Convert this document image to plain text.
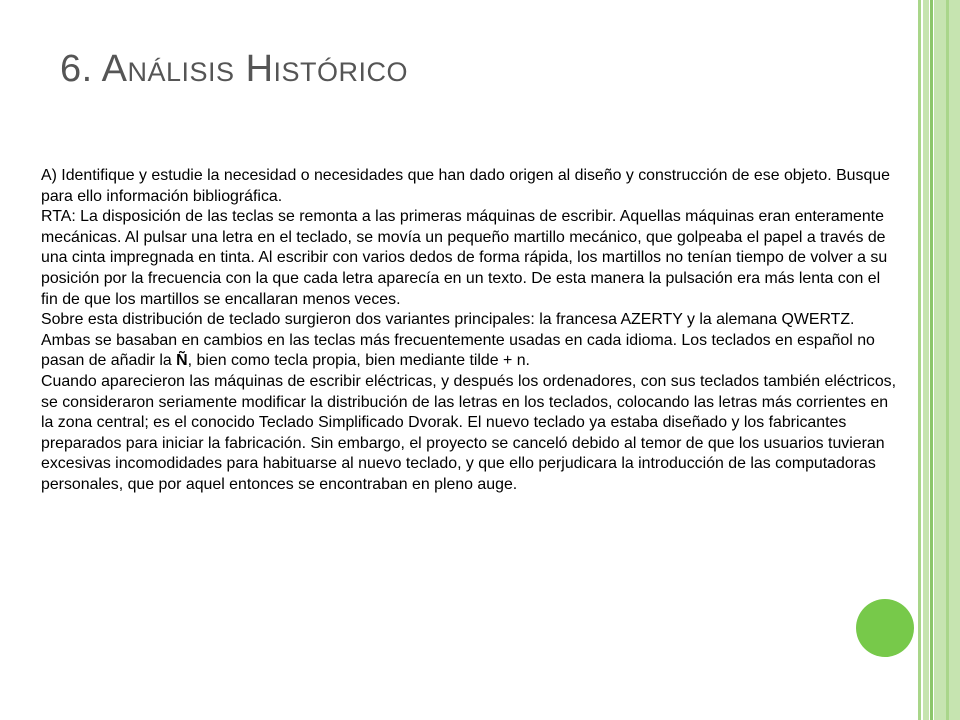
6. Análisis Histórico

A) Identifique y estudie la necesidad o necesidades que han dado origen al diseño y construcción de ese objeto. Busque para ello información bibliográfica.

RTA: La disposición de las teclas se remonta a las primeras máquinas de escribir. Aquellas máquinas eran enteramente mecánicas. Al pulsar una letra en el teclado, se movía un pequeño martillo mecánico, que golpeaba el papel a través de una cinta impregnada en tinta. Al escribir con varios dedos de forma rápida, los martillos no tenían tiempo de volver a su posición por la frecuencia con la que cada letra aparecía en un texto. De esta manera la pulsación era más lenta con el fin de que los martillos se encallaran menos veces.

Sobre esta distribución de teclado surgieron dos variantes principales: la francesa AZERTY y la alemana QWERTZ. Ambas se basaban en cambios en las teclas más frecuentemente usadas en cada idioma. Los teclados en español no pasan de añadir la Ñ, bien como tecla propia, bien mediante tilde + n.

Cuando aparecieron las máquinas de escribir eléctricas, y después los ordenadores, con sus teclados también eléctricos, se consideraron seriamente modificar la distribución de las letras en los teclados, colocando las letras más corrientes en la zona central; es el conocido Teclado Simplificado Dvorak. El nuevo teclado ya estaba diseñado y los fabricantes preparados para iniciar la fabricación. Sin embargo, el proyecto se canceló debido al temor de que los usuarios tuvieran excesivas incomodidades para habituarse al nuevo teclado, y que ello perjudicara la introducción de las computadoras personales, que por aquel entonces se encontraban en pleno auge.
